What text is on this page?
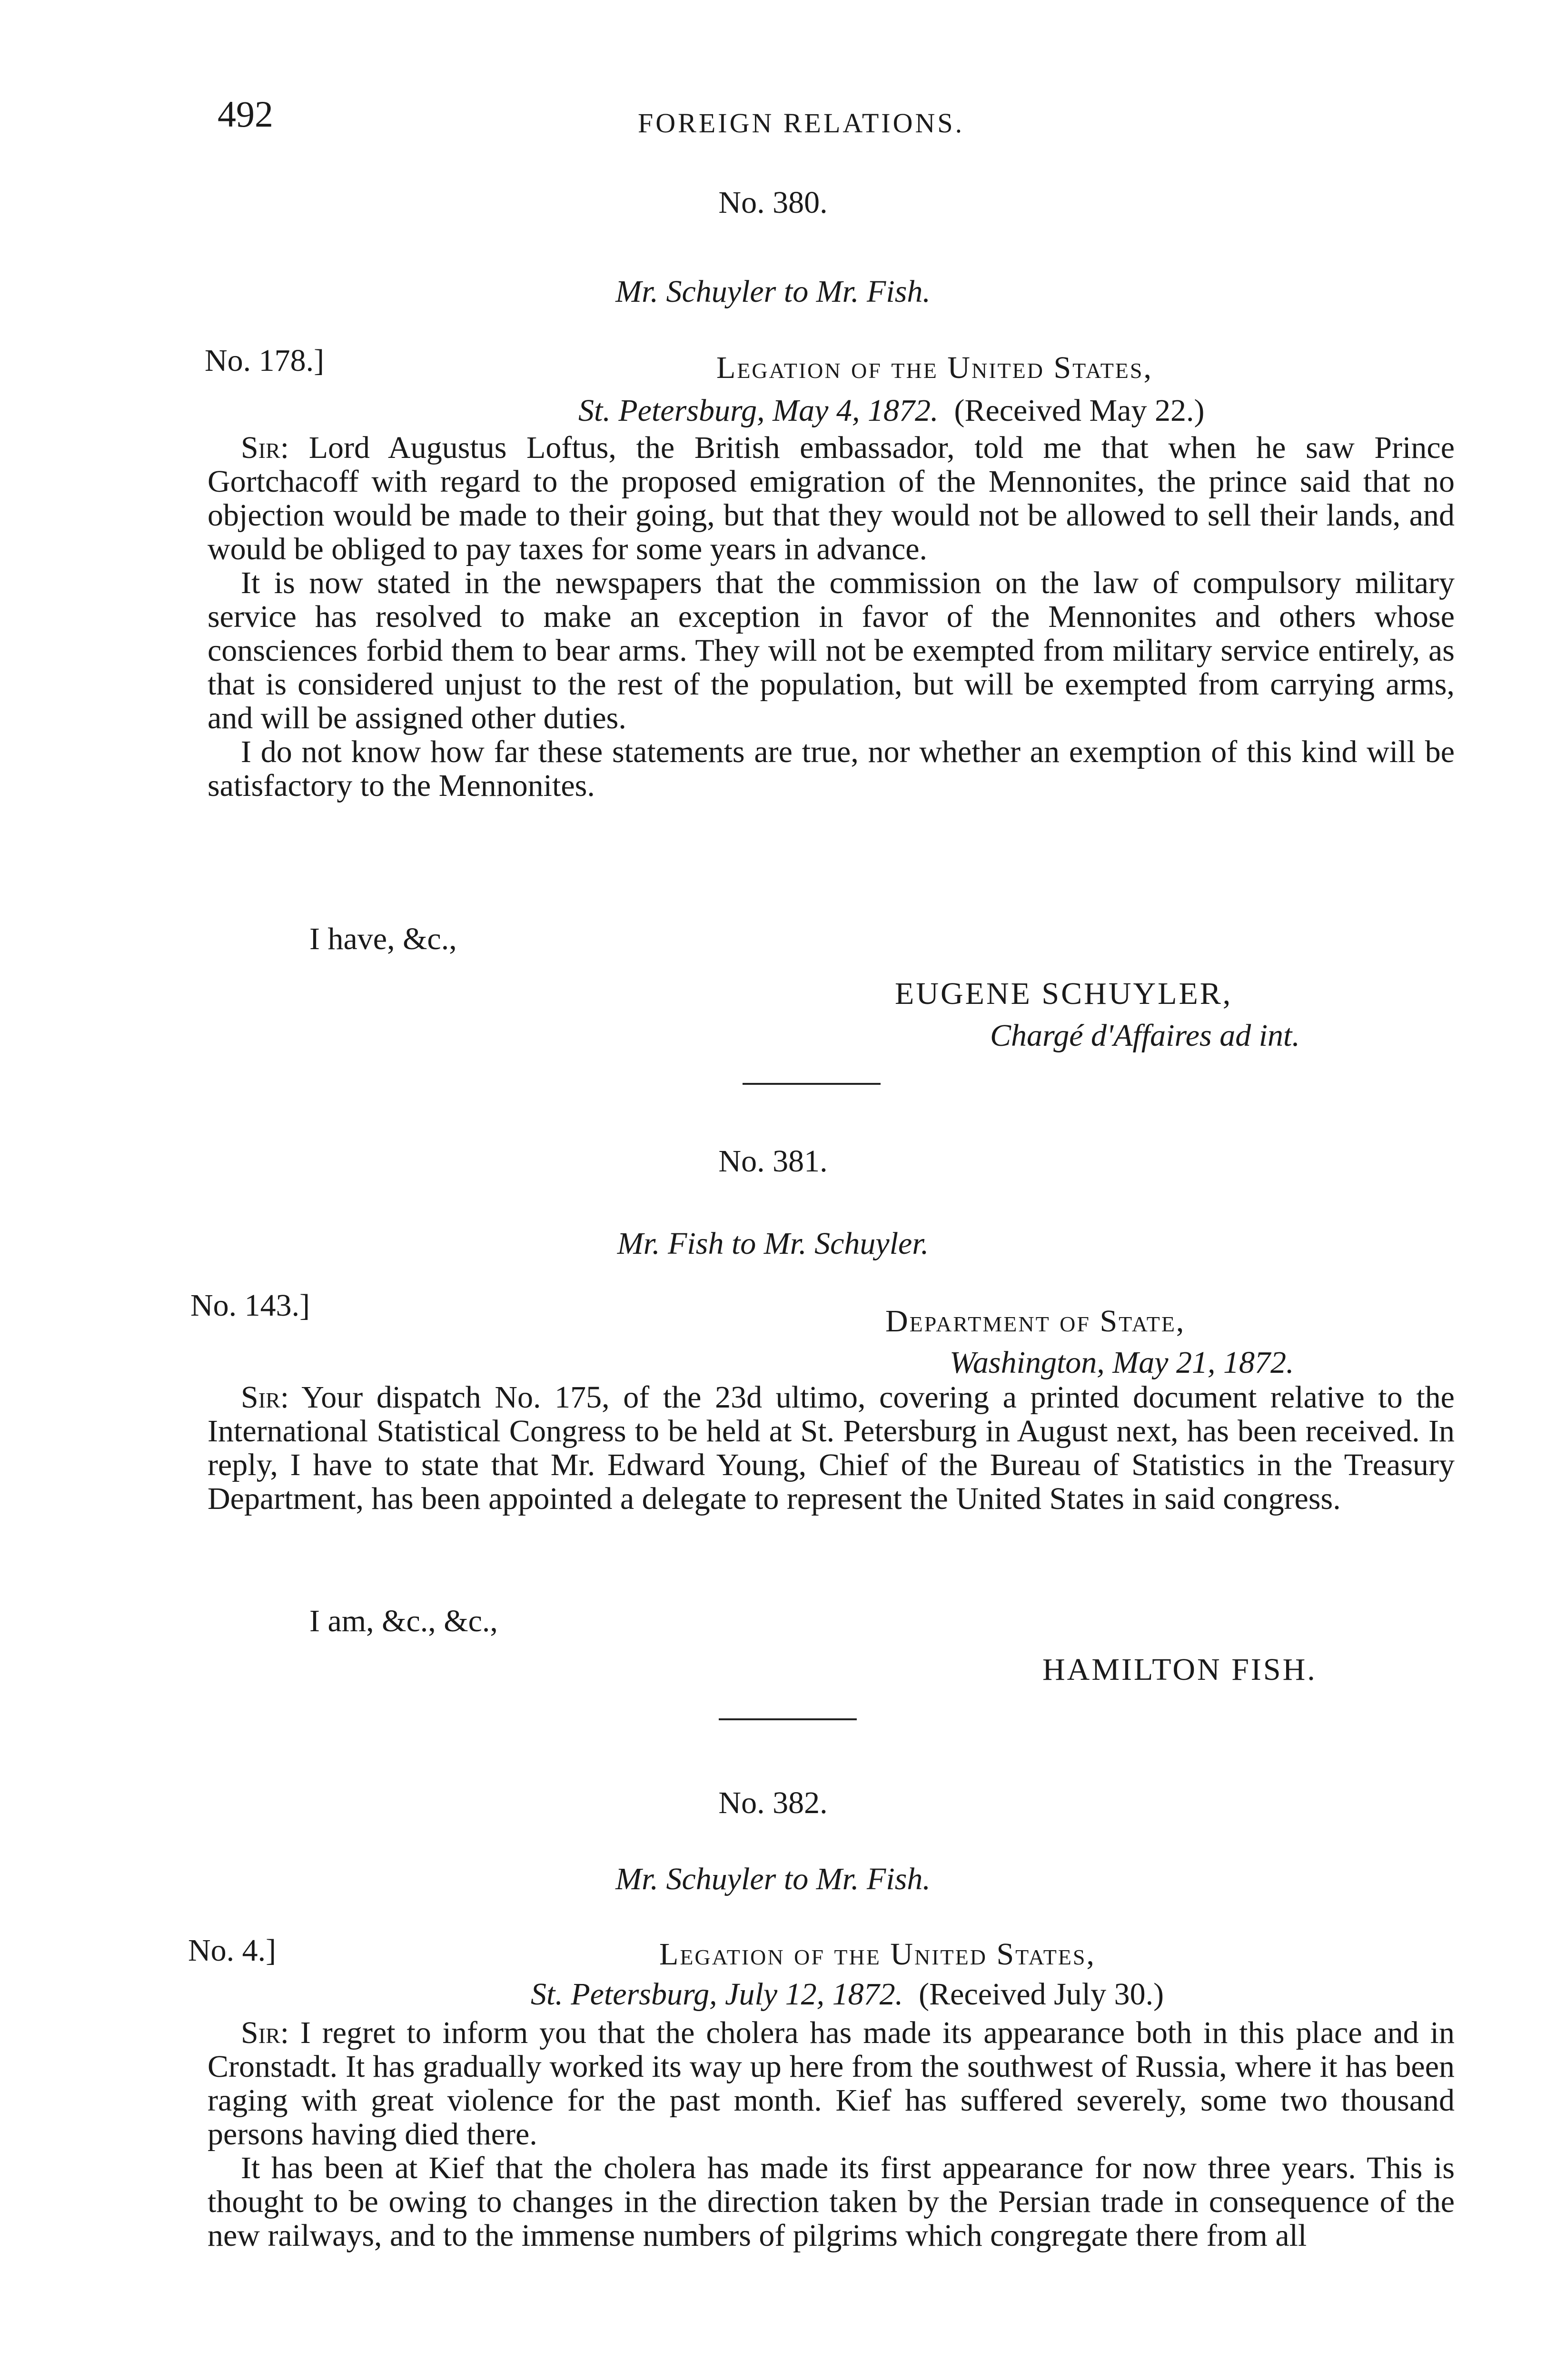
492	FOREIGN RELATIONS.
No. 380.
Mr. Schuyler to Mr. Fish.
No. 178.]	Legation of the United States,
St. Petersburg, May 4, 1872. (Received May 22.)

Sir: Lord Augustus Loftus, the British embassador, told me that when he saw Prince Gortchacoff with regard to the proposed emigration of the Mennonites, the prince said that no objection would be made to their going, but that they would not be allowed to sell their lands, and would be obliged to pay taxes for some years in advance.

It is now stated in the newspapers that the commission on the law of compulsory military service has resolved to make an exception in favor of the Mennonites and others whose consciences forbid them to bear arms. They will not be exempted from military service entirely, as that is considered unjust to the rest of the population, but will be exempted from carrying arms, and will be assigned other duties.

I do not know how far these statements are true, nor whether an exemption of this kind will be satisfactory to the Mennonites.

I have, &c.,
EUGENE SCHUYLER,
Chargé d'Affaires ad int.
No. 381.
Mr. Fish to Mr. Schuyler.
No. 143.]	Department of State,
Washington, May 21, 1872.

Sir: Your dispatch No. 175, of the 23d ultimo, covering a printed document relative to the International Statistical Congress to be held at St. Petersburg in August next, has been received. In reply, I have to state that Mr. Edward Young, Chief of the Bureau of Statistics in the Treasury Department, has been appointed a delegate to represent the United States in said congress.

I am, &c., &c.,
HAMILTON FISH.
No. 382.
Mr. Schuyler to Mr. Fish.
No. 4.]	Legation of the United States,
St. Petersburg, July 12, 1872. (Received July 30.)

Sir: I regret to inform you that the cholera has made its appearance both in this place and in Cronstadt. It has gradually worked its way up here from the southwest of Russia, where it has been raging with great violence for the past month. Kief has suffered severely, some two thousand persons having died there.

It has been at Kief that the cholera has made its first appearance for now three years. This is thought to be owing to changes in the direction taken by the Persian trade in consequence of the new railways, and to the immense numbers of pilgrims which congregate there from all
